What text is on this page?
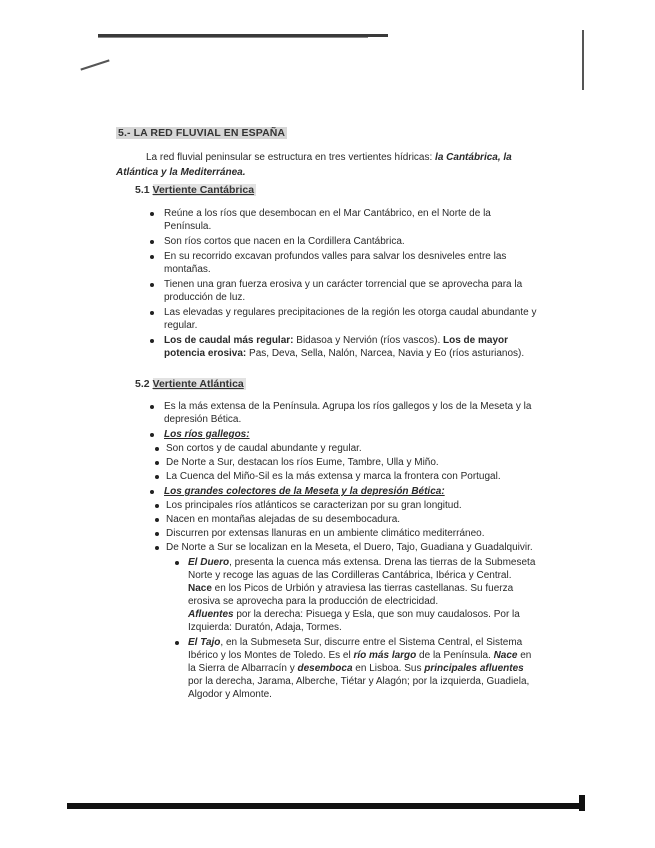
5.- LA RED FLUVIAL EN ESPAÑA

La red fluvial peninsular se estructura en tres vertientes hídricas: la Cantábrica, la Atlántica y la Mediterránea.

5.1 Vertiente Cantábrica
Reúne a los ríos que desembocan en el Mar Cantábrico, en el Norte de la Península.
Son ríos cortos que nacen en la Cordillera Cantábrica.
En su recorrido excavan profundos valles para salvar los desniveles entre las montañas.
Tienen una gran fuerza erosiva y un carácter torrencial que se aprovecha para la producción de luz.
Las elevadas y regulares precipitaciones de la región les otorga caudal abundante y regular.
Los de caudal más regular: Bidasoa y Nervión (ríos vascos). Los de mayor potencia erosiva: Pas, Deva, Sella, Nalón, Narcea, Navia y Eo (ríos asturianos).
5.2 Vertiente Atlántica
Es la más extensa de la Península. Agrupa los ríos gallegos y los de la Meseta y la depresión Bética.
Los ríos gallegos:
Son cortos y de caudal abundante y regular.
De Norte a Sur, destacan los ríos Eume, Tambre, Ulla y Miño.
La Cuenca del Miño-Sil es la más extensa y marca la frontera con Portugal.
Los grandes colectores de la Meseta y la depresión Bética:
Los principales ríos atlánticos se caracterizan por su gran longitud.
Nacen en montañas alejadas de su desembocadura.
Discurren por extensas llanuras en un ambiente climático mediterráneo.
De Norte a Sur se localizan en la Meseta, el Duero, Tajo, Guadiana y Guadalquivir.
El Duero, presenta la cuenca más extensa. Drena las tierras de la Submeseta Norte y recoge las aguas de las Cordilleras Cantábrica, Ibérica y Central.
Nace en los Picos de Urbión y atraviesa las tierras castellanas. Su fuerza erosiva se aprovecha para la producción de electricidad.
Afluentes por la derecha: Pisuega y Esla, que son muy caudalosos. Por la Izquierda: Duratón, Adaja, Tormes.
El Tajo, en la Submeseta Sur, discurre entre el Sistema Central, el Sistema Ibérico y los Montes de Toledo. Es el río más largo de la Península. Nace en la Sierra de Albarracín y desemboca en Lisboa. Sus principales afluentes por la derecha, Jarama, Alberche, Tiétar y Alagón; por la izquierda, Guadiela, Algodor y Almonte.
